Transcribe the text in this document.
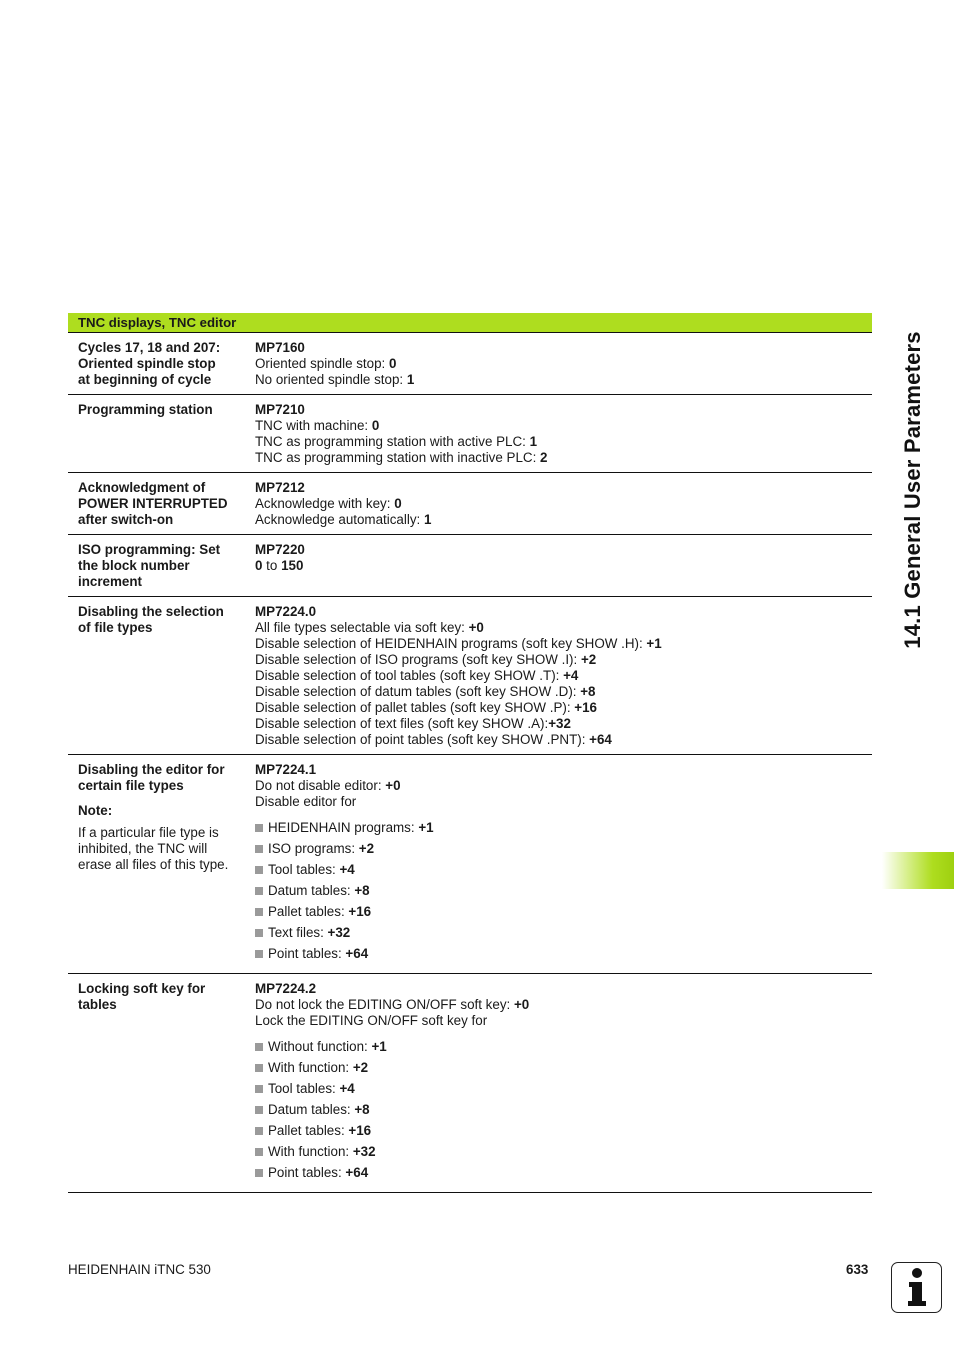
14.1 General User Parameters
TNC displays, TNC editor
Cycles 17, 18 and 207:
Oriented spindle stop
at beginning of cycle
MP7160
Oriented spindle stop: 0
No oriented spindle stop: 1
Programming station	MP7210
TNC with machine: 0
TNC as programming station with active PLC: 1
TNC as programming station with inactive PLC: 2
Acknowledgment of
POWER INTERRUPTED
after switch-on
MP7212
Acknowledge with key: 0
Acknowledge automatically: 1
ISO programming: Set
the block number
increment
MP7220
0 to 150
Disabling the selection
of file types
MP7224.0
All file types selectable via soft key: +0
Disable selection of HEIDENHAIN programs (soft key SHOW .H): +1
Disable selection of ISO programs (soft key SHOW .I): +2
Disable selection of tool tables (soft key SHOW .T): +4
Disable selection of datum tables (soft key SHOW .D): +8
Disable selection of pallet tables (soft key SHOW .P): +16
Disable selection of text files (soft key SHOW .A):+32
Disable selection of point tables (soft key SHOW .PNT): +64
Disabling the editor for
certain file types
Note:
If a particular file type is
inhibited, the TNC will
erase all files of this type.
MP7224.1
Do not disable editor: +0
Disable editor for
HEIDENHAIN programs: +1
ISO programs: +2
Tool tables: +4
Datum tables: +8
Pallet tables: +16
Text files: +32
Point tables: +64
Locking soft key for
tables
MP7224.2
Do not lock the EDITING ON/OFF soft key: +0
Lock the EDITING ON/OFF soft key for
Without function: +1
With function: +2
Tool tables: +4
Datum tables: +8
Pallet tables: +16
With function: +32
Point tables: +64
HEIDENHAIN iTNC 530	633
